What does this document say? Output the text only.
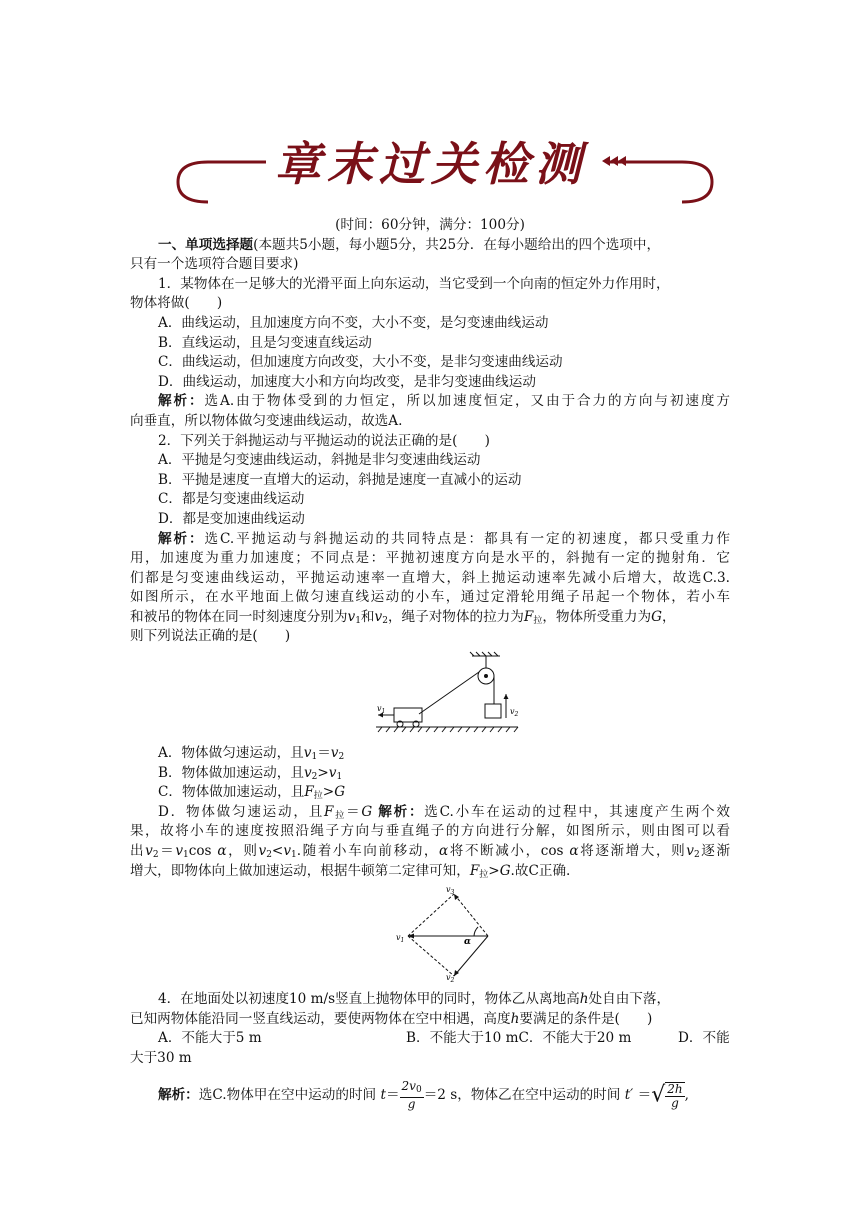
章末过关检测
(时间：60分钟，满分：100分)
一、单项选择题(本题共5小题，每小题5分，共25分．在每小题给出的四个选项中，
只有一个选项符合题目要求)
1．某物体在一足够大的光滑平面上向东运动，当它受到一个向南的恒定外力作用时，
物体将做(　　)
A．曲线运动，且加速度方向不变，大小不变，是匀变速曲线运动
B．直线运动，且是匀变速直线运动
C．曲线运动，但加速度方向改变，大小不变，是非匀变速曲线运动
D．曲线运动，加速度大小和方向均改变，是非匀变速曲线运动
解析：选A.由于物体受到的力恒定，所以加速度恒定，又由于合力的方向与初速度方
向垂直，所以物体做匀变速曲线运动，故选A.
2．下列关于斜抛运动与平抛运动的说法正确的是(　　)
A．平抛是匀变速曲线运动，斜抛是非匀变速曲线运动
B．平抛是速度一直增大的运动，斜抛是速度一直减小的运动
C．都是匀变速曲线运动
D．都是变加速曲线运动
解析：选C.平抛运动与斜抛运动的共同特点是：都具有一定的初速度，都只受重力作
用，加速度为重力加速度；不同点是：平抛初速度方向是水平的，斜抛有一定的抛射角．它
们都是匀变速曲线运动，平抛运动速率一直增大，斜上抛运动速率先减小后增大，故选C.3.
如图所示，在水平地面上做匀速直线运动的小车，通过定滑轮用绳子吊起一个物体，若小车
和被吊的物体在同一时刻速度分别为$v_1$和$v_2$，绳子对物体的拉力为$F_拉$，物体所受重力为G，
则下列说法正确的是(　　)
$v_1$	$v_2$
A．物体做匀速运动，且$v_1=v_2$
B．物体做加速运动，且$v_2>v_1$
C．物体做加速运动，且$F_拉>G$
D．物体做匀速运动，且$F_拉=G$ 解析：选C.小车在运动的过程中，其速度产生两个效
果，故将小车的速度按照沿绳子方向与垂直绳子的方向进行分解，如图所示，则由图可以看
出$v_2=v_1\cos$ α，则$v_2<v_1$.随着小车向前移动，α将不断减小，cos α将逐渐增大，则$v_2$逐渐
增大，即物体向上做加速运动，根据牛顿第二定律可知，$F_拉>G$.故C正确.
$v_1$
$v_3$
$v_2$
α
4．在地面处以初速度10 m/s竖直上抛物体甲的同时，物体乙从离地高h处自由下落，
已知两物体能沿同一竖直线运动，要使两物体在空中相遇，高度h要满足的条件是(　　)
A．不能大于5 m	B．不能大于10 mC．不能大于20 m	D．不能
大于30 m
解析：选C.物体甲在空中运动的时间 $t= \frac{2v_0}{g} =2$ s，物体乙在空中运动的时间 t′ ＝√ $\frac{2h}{g}$ ,
